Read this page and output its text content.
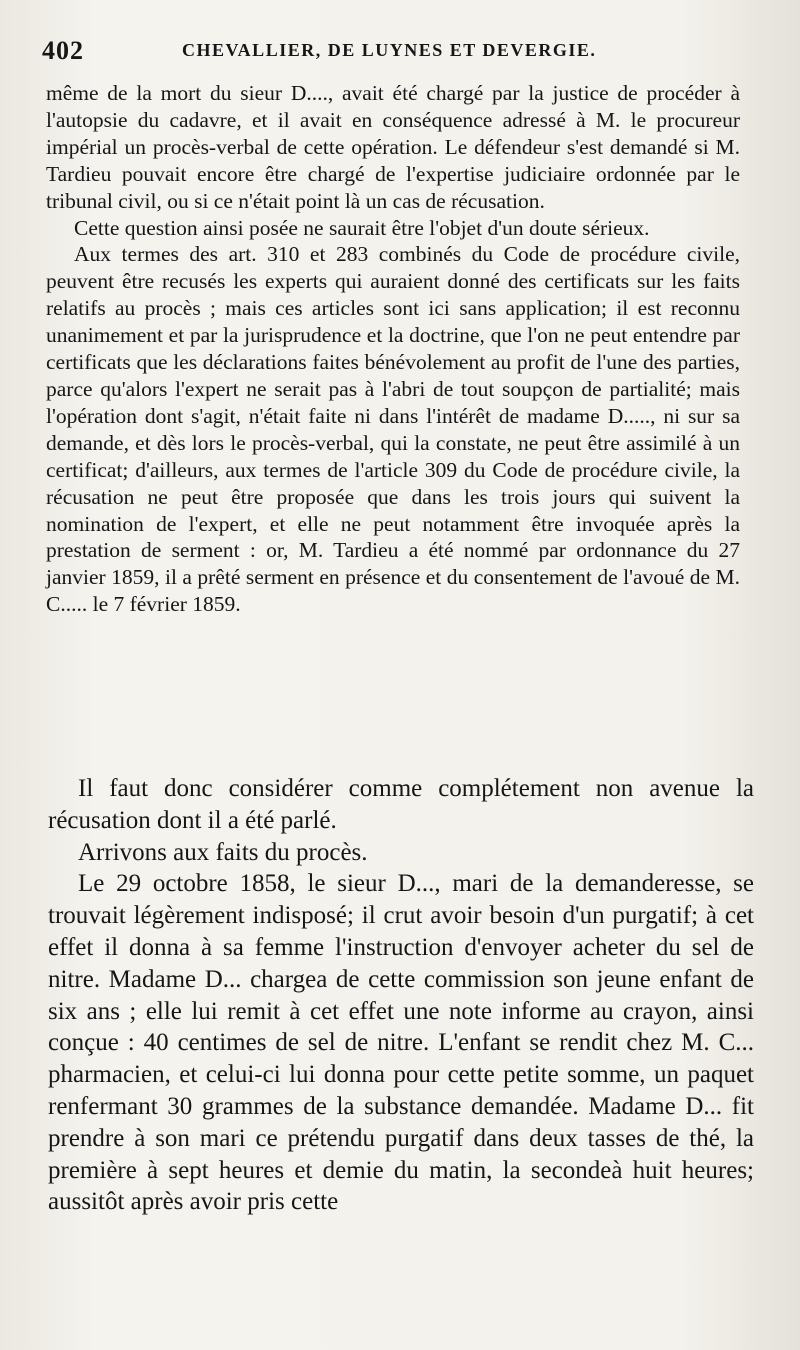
402	CHEVALLIER, DE LUYNES ET DEVERGIE.

même de la mort du sieur D...., avait été chargé par la justice de procéder à l'autopsie du cadavre, et il avait en conséquence adressé à M. le procureur impérial un procès-verbal de cette opération. Le défendeur s'est demandé si M. Tardieu pouvait encore être chargé de l'expertise judiciaire ordonnée par le tribunal civil, ou si ce n'était point là un cas de récusation.

Cette question ainsi posée ne saurait être l'objet d'un doute sérieux.

Aux termes des art. 310 et 283 combinés du Code de procédure civile, peuvent être recusés les experts qui auraient donné des certificats sur les faits relatifs au procès ; mais ces articles sont ici sans application; il est reconnu unanimement et par la jurisprudence et la doctrine, que l'on ne peut entendre par certificats que les déclarations faites bénévolement au profit de l'une des parties, parce qu'alors l'expert ne serait pas à l'abri de tout soupçon de partialité; mais l'opération dont s'agit, n'était faite ni dans l'intérêt de madame D....., ni sur sa demande, et dès lors le procès-verbal, qui la constate, ne peut être assimilé à un certificat; d'ailleurs, aux termes de l'article 309 du Code de procédure civile, la récusation ne peut être proposée que dans les trois jours qui suivent la nomination de l'expert, et elle ne peut notamment être invoquée après la prestation de serment : or, M. Tardieu a été nommé par ordonnance du 27 janvier 1859, il a prêté serment en présence et du consentement de l'avoué de M. C..... le 7 février 1859.

Il faut donc considérer comme complétement non avenue la récusation dont il a été parlé.

Arrivons aux faits du procès.

Le 29 octobre 1858, le sieur D..., mari de la demanderesse, se trouvait légèrement indisposé; il crut avoir besoin d'un purgatif; à cet effet il donna à sa femme l'instruction d'envoyer acheter du sel de nitre. Madame D... chargea de cette commission son jeune enfant de six ans ; elle lui remit à cet effet une note informe au crayon, ainsi conçue : 40 centimes de sel de nitre. L'enfant se rendit chez M. C... pharmacien, et celui-ci lui donna pour cette petite somme, un paquet renfermant 30 grammes de la substance demandée. Madame D... fit prendre à son mari ce prétendu purgatif dans deux tasses de thé, la première à sept heures et demie du matin, la secondeà huit heures; aussitôt après avoir pris cette
